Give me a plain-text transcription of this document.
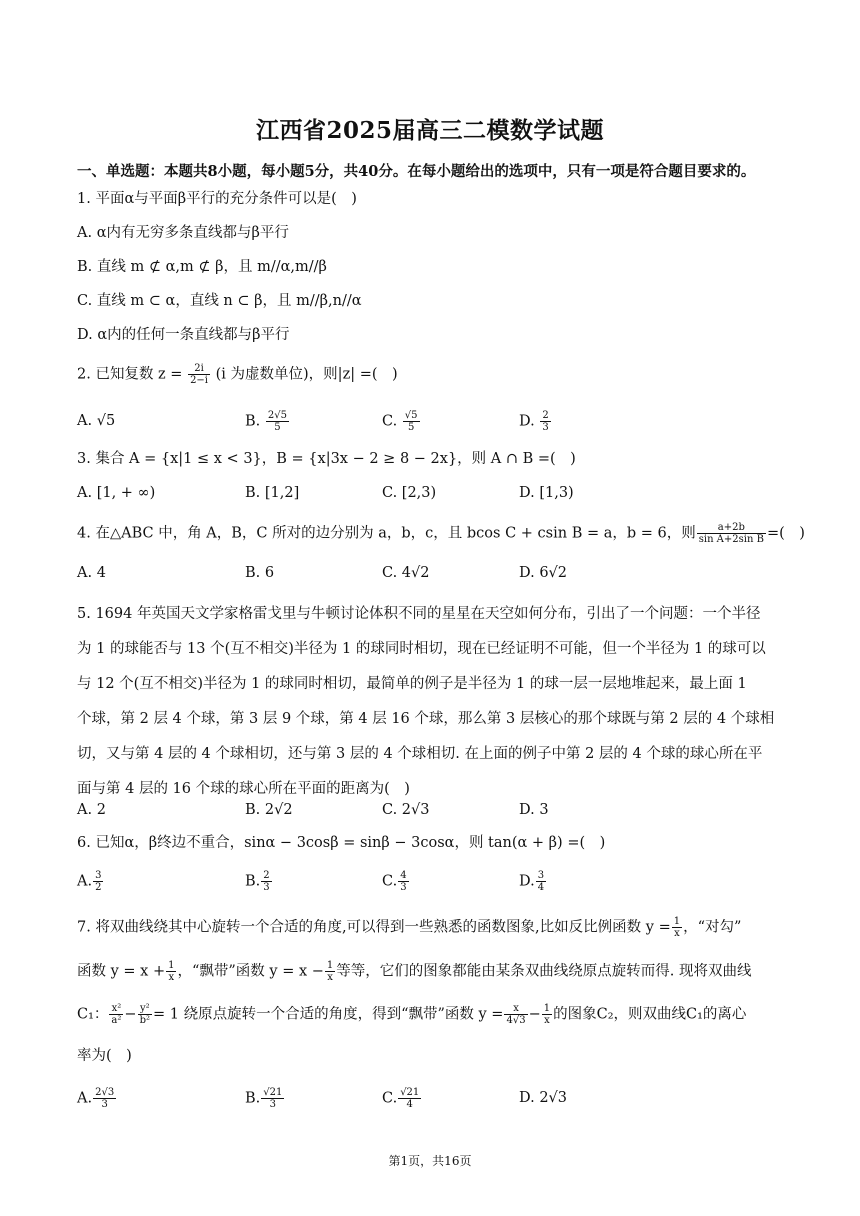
江西省2025届高三二模数学试题
一、单选题：本题共8小题，每小题5分，共40分。在每小题给出的选项中，只有一项是符合题目要求的。
1. 平面α与平面β平行的充分条件可以是(　)
A. α内有无穷多条直线都与β平行
B. 直线 m ⊄ α,m ⊄ β，且 m//α,m//β
C. 直线 m ⊂ α，直线 n ⊂ β，且 m//β,n//α
D. α内的任何一条直线都与β平行
2. 已知复数 $z = \frac{2i}{2-i} (i$ 为虚数单位)，则|z| =(　)
A. √5	B. $\frac{2√5}{5}$	C. $\frac{√5}{5}$	D. $\frac{2}{3}$
3. 集合 A = {x|1 ≤ x < 3}，B = {x|3x − 2 ≥ 8 − 2x}，则 A ∩ B =(　)
A. [1, + ∞)	B. [1,2]	C. [2,3)	D. [1,3)
4. 在△ABC 中，角 A，B，C 所对的边分别为 a，b，c，且 bcos C + csin B = a，b = 6，则 $\frac{a+2b}{\text{sin A+2sin B}}$ =(　)
A. 4	B. 6	C. 4√2	D. 6√2
5. 1694 年英国天文学家格雷戈里与牛顿讨论体积不同的星星在天空如何分布，引出了一个问题：一个半径
为 1 的球能否与 13 个(互不相交)半径为 1 的球同时相切，现在已经证明不可能，但一个半径为 1 的球可以
与 12 个(互不相交)半径为 1 的球同时相切，最简单的例子是半径为 1 的球一层一层地堆起来，最上面 1
个球，第 2 层 4 个球，第 3 层 9 个球，第 4 层 16 个球，那么第 3 层核心的那个球既与第 2 层的 4 个球相
切，又与第 4 层的 4 个球相切，还与第 3 层的 4 个球相切. 在上面的例子中第 2 层的 4 个球的球心所在平
面与第 4 层的 16 个球的球心所在平面的距离为(　)
A. 2	B. 2√2	C. 2√3	D. 3
6. 已知α，β终边不重合，sinα − 3cosβ = sinβ − 3cosα，则 tan(α + β) =(　)
A. $\frac{3}{2}$	B. $\frac{2}{3}$	C. $\frac{4}{3}$	D. $\frac{3}{4}$
7. 将双曲线绕其中心旋转一个合适的角度,可以得到一些熟悉的函数图象,比如反比例函数 $y = \frac{1}{x}$ ，“对勾”
函数 $y = x + \frac{1}{x}$ ，“飘带”函数 $y = x - \frac{1}{x}$ 等等，它们的图象都能由某条双曲线绕原点旋转而得. 现将双曲线
C₁： $\frac{\text{x²}}{\text{a²}} - \frac{\text{y²}}{\text{b²}} = 1$ 绕原点旋转一个合适的角度，得到“飘带”函数 $y = \frac{x}{4√3} - \frac{1}{x}$ 的图象C₂，则双曲线C₁的离心
率为(　)
A. $\frac{2√3}{3}$	B. $\frac{√21}{3}$	C. $\frac{√21}{4}$	D. 2√3
第1页，共16页
